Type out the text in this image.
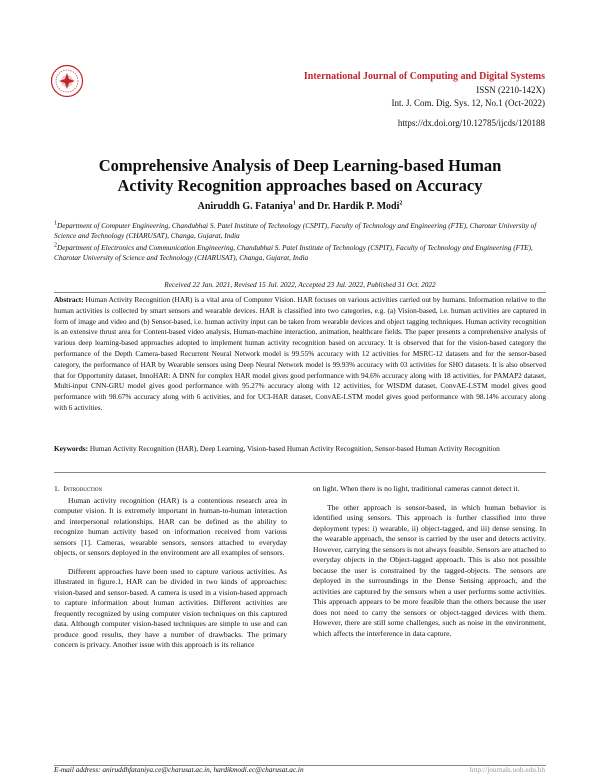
International Journal of Computing and Digital Systems
ISSN (2210-142X)
Int. J. Com. Dig. Sys. 12, No.1 (Oct-2022)
https://dx.doi.org/10.12785/ijcds/120188
Comprehensive Analysis of Deep Learning-based Human
Activity Recognition approaches based on Accuracy
Aniruddh G. Fataniya$^1$ and Dr. Hardik P. Modi$^2$
$^1$Department of Computer Engineering, Chandubhai S. Patel Institute of Technology (CSPIT), Faculty of Technology and Engineering (FTE), Charotar University of Science and Technology (CHARUSAT), Changa, Gujarat, India
$^2$Department of Electronics and Communication Engineering, Chandubhai S. Patel Institute of Technology (CSPIT), Faculty of Technology and Engineering (FTE), Charotar University of Science and Technology (CHARUSAT), Changa, Gujarat, India
Received 22 Jan. 2021, Revised 15 Jul. 2022, Accepted 23 Jul. 2022, Published 31 Oct. 2022
Abstract: Human Activity Recognition (HAR) is a vital area of Computer Vision. HAR focuses on various activities carried out by humans. Information relative to the human activities is collected by smart sensors and wearable devices. HAR is classified into two categories, e.g. (a) Vision-based, i.e. human activities are captured in form of image and video and (b) Sensor-based, i.e. human activity input can be taken from wearable devices and object tagging techniques. Human activity recognition is an extensive thrust area for Content-based video analysis, Human-machine interaction, animation, healthcare fields. The paper presents a comprehensive analysis of various deep learning-based approaches adopted to implement human activity recognition based on accuracy. It is observed that for the vision-based category the performance of the Depth Camera-based Recurrent Neural Network model is 99.55% accuracy with 12 activities for MSRC-12 datasets and for the sensor-based category, the performance of HAR by Wearable sensors using Deep Neural Network model is 99.93% accuracy with 03 activities for SHO datasets. It is also observed that for Opportunity dataset, InnoHAR: A DNN for complex HAR model gives good performance with 94.6% accuracy along with 18 activities, for PAMAP2 dataset, Multi-input CNN-GRU model gives good performance with 95.27% accuracy along with 12 activities, for WISDM dataset, ConvAE-LSTM model gives good performance with 98.67% accuracy along with 6 activities, and for UCI-HAR dataset, ConvAE-LSTM model gives good performance with 98.14% accuracy along with 6 activities.
Keywords: Human Activity Recognition (HAR), Deep Learning, Vision-based Human Activity Recognition, Sensor-based Human Activity Recognition
1. Introduction

Human activity recognition (HAR) is a contentious research area in computer vision. It is extremely important in human-to-human interaction and interpersonal relationships. HAR can be defined as the ability to recognize human activity based on information received from various sensors [1]. Cameras, wearable sensors, sensors attached to everyday objects, or sensors deployed in the environment are all examples of sensors.

Different approaches have been used to capture various activities. As illustrated in figure.1, HAR can be divided in two kinds of approaches: vision-based and sensor-based. A camera is used in a vision-based approach to capture information about human activities. Different activities are frequently recognized by using computer vision techniques on this captured data. Although computer vision-based techniques are simple to use and can produce good results, they have a number of drawbacks. The primary concern is privacy. Another issue with this approach is its reliance

on light. When there is no light, traditional cameras cannot detect it.

The other approach is sensor-based, in which human behavior is identified using sensors. This approach is further classified into three deployment types: i) wearable, ii) object-tagged, and iii) dense sensing. In the wearable approach, the sensor is carried by the user and detects activity. However, carrying the sensors is not always feasible. Sensors are attached to everyday objects in the Object-tagged approach. This is also not possible because the user is constrained by the tagged-objects. The sensors are deployed in the surroundings in the Dense Sensing approach, and the activities are captured by the sensors when a user performs some activities. This approach appears to be more feasible than the others because the user does not need to carry the sensors or object-tagged devices with them. However, there are still some challenges, such as noise in the environment, which affects the interference in data capture.

E-mail address: aniruddhfataniya.ce@charusat.ac.in, hardikmodi.ec@charusat.ac.in	http://journals.uob.edu.bh
